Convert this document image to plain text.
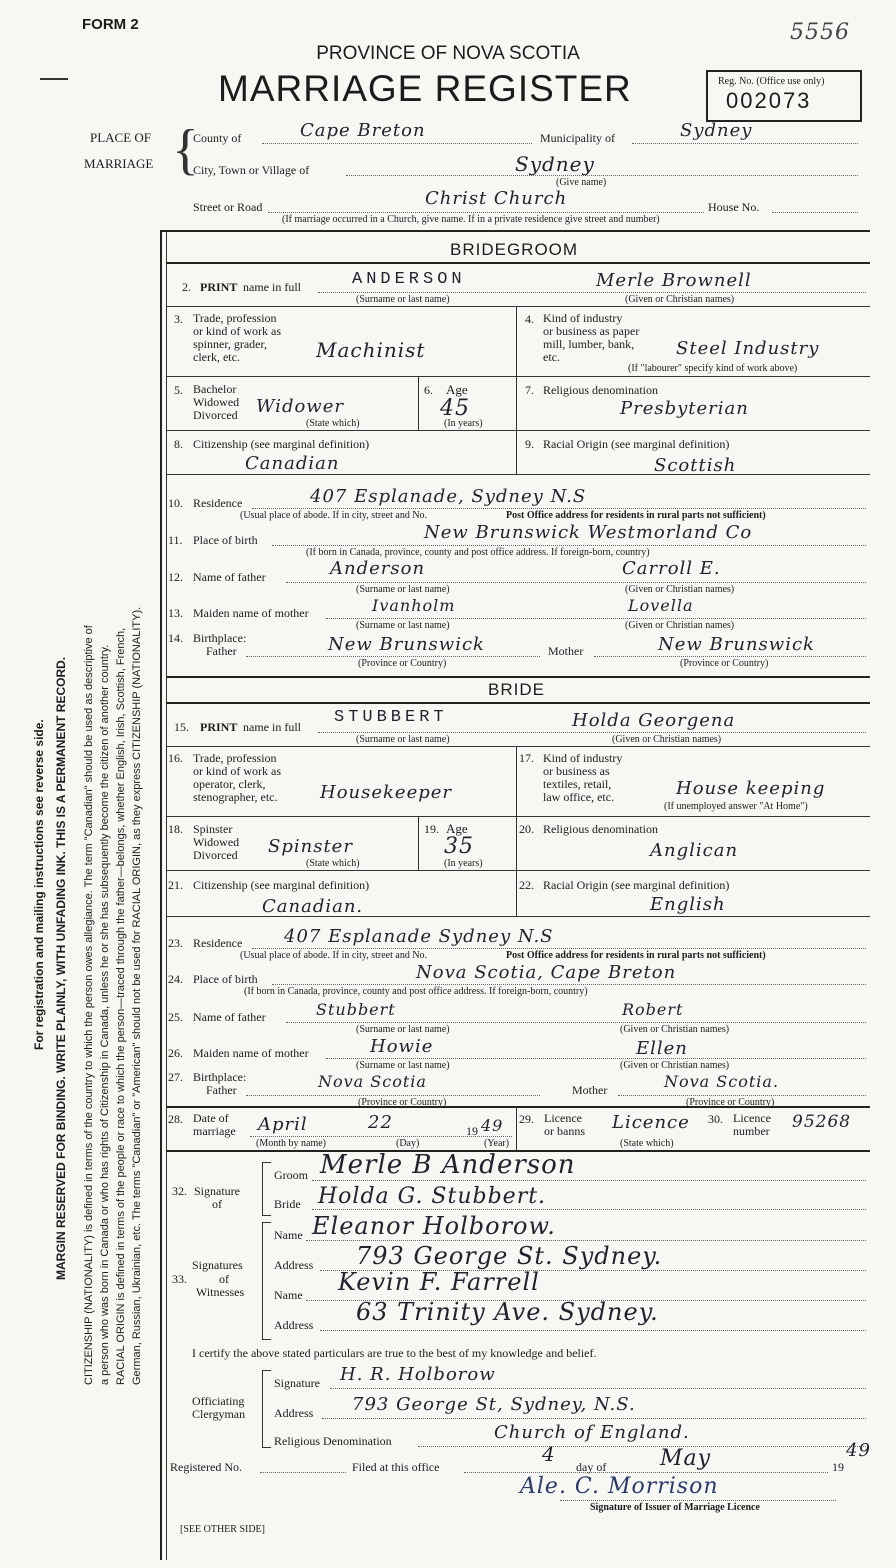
FORM 2	5556
PROVINCE OF NOVA SCOTIA
MARRIAGE REGISTER	Reg. No. (Office use only)
002073
PLACE OF
MARRIAGE {
County of	Cape Breton	Municipality of	Sydney
City, Town or Village of	Sydney
(Give name)
Street or Road	Christ Church	House No.
(If marriage occurred in a Church, give name. If in a private residence give street and number)
CITIZENSHIP (NATIONALITY) is defined in terms of the country to which the person owes allegiance. The term "Canadian" should be used as descriptive of a person who was born in Canada or who has rights of Citizenship in Canada, unless he or she has subsequently become the citizen of another country. RACIAL ORIGIN is defined in terms of the people or race to which the person—traced through the father—belongs, whether English, Irish, Scottish, French, German, Russian, Ukrainian, etc. The terms "Canadian" or "American" should not be used for RACIAL ORIGIN, as they express CITIZENSHIP (NATIONALITY).
MARGIN RESERVED FOR BINDING. WRITE PLAINLY, WITH UNFADING INK. THIS IS A PERMANENT RECORD.
For registration and mailing instructions see reverse side.
BRIDEGROOM
2. PRINT name in full	ANDERSON	Merle Brownell
(Surname or last name)	(Given or Christian names)
3. Trade, profession
or kind of work as
spinner, grader,
clerk, etc.	Machinist
4. Kind of industry
or business as paper
mill, lumber, bank,
etc.	Steel Industry
(If "labourer" specify kind of work above)
5. Bachelor
Widowed
Divorced Widower
(State which)
6. Age
45
(In years)
7. Religious denomination
Presbyterian
8. Citizenship (see marginal definition)
Canadian
9. Racial Origin (see marginal definition)
Scottish
10. Residence	407 Esplanade, Sydney N.S
(Usual place of abode. If in city, street and No.	Post Office address for residents in rural parts not sufficient)
11. Place of birth	New Brunswick Westmorland Co
(If born in Canada, province, county and post office address. If foreign-born, country)
12. Name of father	Anderson	Carroll E.
(Surname or last name)	(Given or Christian names)
13. Maiden name of mother	Ivanholm	Lovella
(Surname or last name)	(Given or Christian names)
14. Birthplace:
Father	New Brunswick	Mother	New Brunswick
(Province or Country)	(Province or Country)
BRIDE
15. PRINT name in full STUBBERT	Holda Georgena
(Surname or last name)	(Given or Christian names)
16. Trade, profession
or kind of work as
operator, clerk,
stenographer, etc. Housekeeper
17. Kind of industry
or business as
textiles, retail,
law office, etc.	House keeping
(If unemployed answer "At Home")
18. Spinster
Widowed
Divorced Spinster
(State which)
19. Age
35
(In years)
20. Religious denomination
Anglican
21. Citizenship (see marginal definition)
Canadian.
22. Racial Origin (see marginal definition)
English
23. Residence 407 Esplanade Sydney N.S
(Usual place of abode. If in city, street and No.	Post Office address for residents in rural parts not sufficient)
24. Place of birth	Nova Scotia, Cape Breton
(If born in Canada, province, county and post office address. If foreign-born, country)
25. Name of father	Stubbert	Robert
(Surname or last name)	(Given or Christian names)
26. Maiden name of mother	Howie	Ellen
(Surname or last name)	(Given or Christian names)
27. Birthplace:
Father	Nova Scotia	Mother	Nova Scotia.
(Province or Country)	(Province or Country)
28. Date of
marriage April	22	19 49
(Month by name)	(Day)	(Year)
29. Licence
or banns Licence
(State which)
30. Licence
number 95268
32. Signature
of
Groom Merle B Anderson
Bride Holda G. Stubbert.
33.
Signatures
of
Witnesses
Name Eleanor Holborow.
Address 793 George St. Sydney.
Name Kevin F. Farrell
Address 63 Trinity Ave. Sydney.
I certify the above stated particulars are true to the best of my knowledge and belief.
Officiating
Clergyman
Signature H. R. Holborow
Address 793 George St, Sydney, N.S.
Religious Denomination	Church of England.
Registered No.	Filed at this office
4
day of May	19
49
Ale. C. Morrison
Signature of Issuer of Marriage Licence
[SEE OTHER SIDE]
